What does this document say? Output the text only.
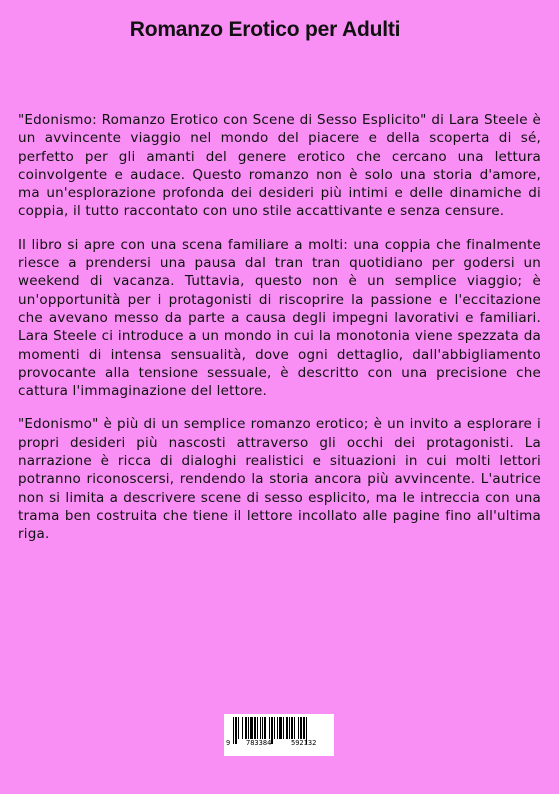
Romanzo Erotico per Adulti

"Edonismo: Romanzo Erotico con Scene di Sesso Esplicito" di Lara Steele è un avvincente viaggio nel mondo del piacere e della scoperta di sé, perfetto per gli amanti del genere erotico che cercano una lettura coinvolgente e audace. Questo romanzo non è solo una storia d'amore, ma un'esplorazione profonda dei desideri più intimi e delle dinamiche di coppia, il tutto raccontato con uno stile accattivante e senza censure.

Il libro si apre con una scena familiare a molti: una coppia che finalmente riesce a prendersi una pausa dal tran tran quotidiano per godersi un weekend di vacanza. Tuttavia, questo non è un semplice viaggio; è un'opportunità per i protagonisti di riscoprire la passione e l'eccitazione che avevano messo da parte a causa degli impegni lavorativi e familiari. Lara Steele ci introduce a un mondo in cui la monotonia viene spezzata da momenti di intensa sensualità, dove ogni dettaglio, dall'abbigliamento provocante alla tensione sessuale, è descritto con una precisione che cattura l'immaginazione del lettore.

"Edonismo" è più di un semplice romanzo erotico; è un invito a esplorare i propri desideri più nascosti attraverso gli occhi dei protagonisti. La narrazione è ricca di dialoghi realistici e situazioni in cui molti lettori potranno riconoscersi, rendendo la storia ancora più avvincente. L'autrice non si limita a descrivere scene di sesso esplicito, ma le intreccia con una trama ben costruita che tiene il lettore incollato alle pagine fino all'ultima riga.

9 783384	592132
